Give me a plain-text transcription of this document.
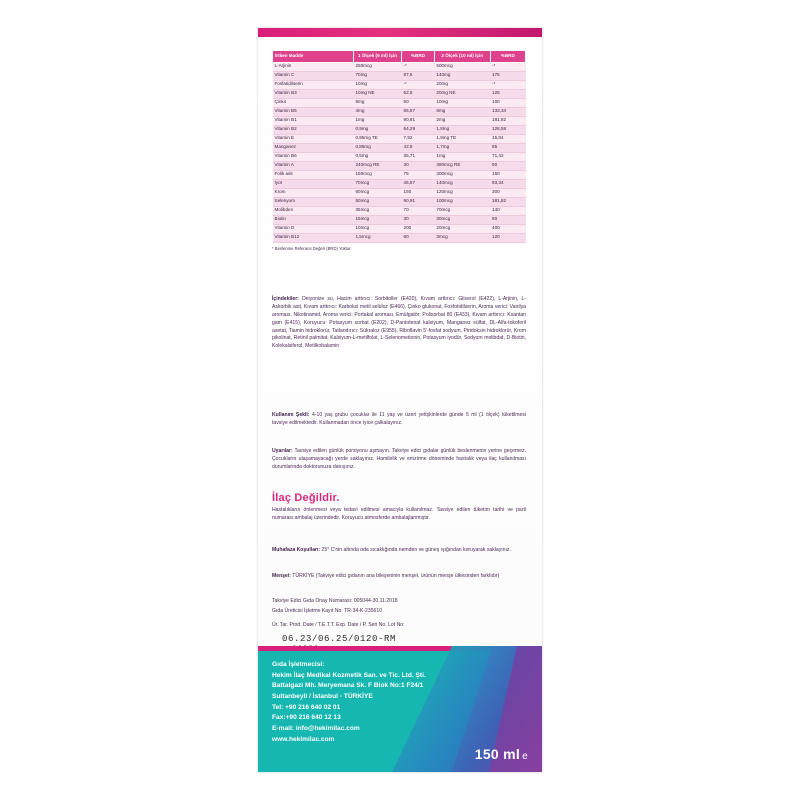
Etken Madde	1 Ölçek (5 ml) İçin	%BRD	2 Ölçek (10 ml) İçin	%BRD
L-Arjinin	250mcg	-*	500mcg	-*
Vitamin C	70mg	87,5	140mg	175
Fosfatidilserin	10mg	-*	20mg	-*
Vitamin B3	10mg NE	62,5	20mg NE	125
Çinko	5mg	50	10mg	100
Vitamin B5	4mg	66,67	8mg	133,34
Vitamin B1	1mg	90,91	2mg	181,82
Vitamin B2	0,9mg	64,29	1,8mg	128,58
Vitamin E	0,95mg TE	7,92	1,9mg TE	15,84
Manganez	0,85mg	42,5	1,7mg	85
Vitamin B6	0,5mg	35,71	1mg	71,42
Vitamin A	240mcg RE	30	480mcg RE	60
Folik asit	150mcg	75	300mcg	150
İyot	70mcg	46,67	140mcg	93,34
Krom	60mcg	150	120mcg	300
Selenyum	50mcg	90,91	100mcg	181,82
Molibden	35mcg	70	70mcg	140
Biotin	15mcg	30	30mcg	60
Vitamin D	10mcg	200	20mcg	400
Vitamin B12	1,5mcg	60	3mcg	120
* Beslenme Referans Değeri (BRD) Yoktur.
İçindekiler: Deiyonize su, Hacim arttırıcı: Sorbitoller (E420), Kıvam arttırıcı: Gliserol (E422), L-Arjinin, L-Askorbik asit, Kıvam arttırıcı: Karboksi metil selüloz (E466), Çinko glukonat, Fosfotidilserin, Aroma verici: Vanilya aroması, Nikotinamid, Aroma verici: Portakal aroması, Emülgatör: Polisorbat 80 (E433), Kıvam arttırıcı: Ksantan gam (E415), Koruyucu: Potasyum sorbat (E202), D-Pantotenat kalsiyum, Manganez sülfat, DL-Alfa-tokoferil asetat, Tiamin hidroklorür, Tatlandırıcı: Sükraloz (E955), Riboflavin 5'-fosfat sodyum, Piridoksin hidroklorür, Krom pikolinat, Retinil palmitat, Kalsiyum-L-metilfolat, L-Selenometionin, Potasyum iyodür, Sodyum molibdat, D-Biotin, Kolekalsiferol, Metilkobalamin
Kullanım Şekli: 4-10 yaş grubu çocuklar ile 11 yaş ve üzeri yetişkinlerde günde 5 ml (1 ölçek) tüketilmesi tavsiye edilmektedir. Kullanmadan önce iyice çalkalayınız.
Uyarılar: Tavsiye edilen günlük porsiyonu aşmayın. Takviye edici gıdalar günlük beslenmenin yerine geçemez. Çocukların ulaşamayacağı yerde saklayınız. Hamilelik ve emzirme döneminde hastalık veya ilaç kullanılması durumlarında doktorunuza danışınız.
İlaç Değildir.
Hastalıkların önlenmesi veya tedavi edilmesi amacıyla kullanılmaz. Tavsiye edilen tüketim tarihi ve parti numarası ambalaj üzerindedir. Koruyucu atmosferde ambalajlanmıştır.
Muhafaza Koşulları: 25° C'nin altında oda sıcaklığında nemden ve güneş ışığından koruyarak saklayınız.
Menşei: TÜRKİYE (Takviye edici gıdanın ana bileşeninin menşei, ürünün menşe ülkesinden farklıdır)
Takviye Edici Gıda Onay Numarası: 005044-30.11.2018
Gıda Üreticisi İşletme Kayıt No: TR-34-K-235610
Ür. Tar. Prod. Date / T.E.T.T. Exp. Date / P. Seri No. Lot No:
06.23/06.25/0120-RM
Gıda İşletmecisi:
Hekim İlaç Medikal Kozmetik San. ve Tic. Ltd. Şti.
Battalgazi Mh. Meryemana Sk. F Blok No:1 F24/1
Sultanbeyli / İstanbul - TÜRKİYE
Tel: +90 216 640 02 01
Fax:+90 216 640 12 13
E-mail: info@hekimilac.com
www.hekimilac.com
150 ml e
